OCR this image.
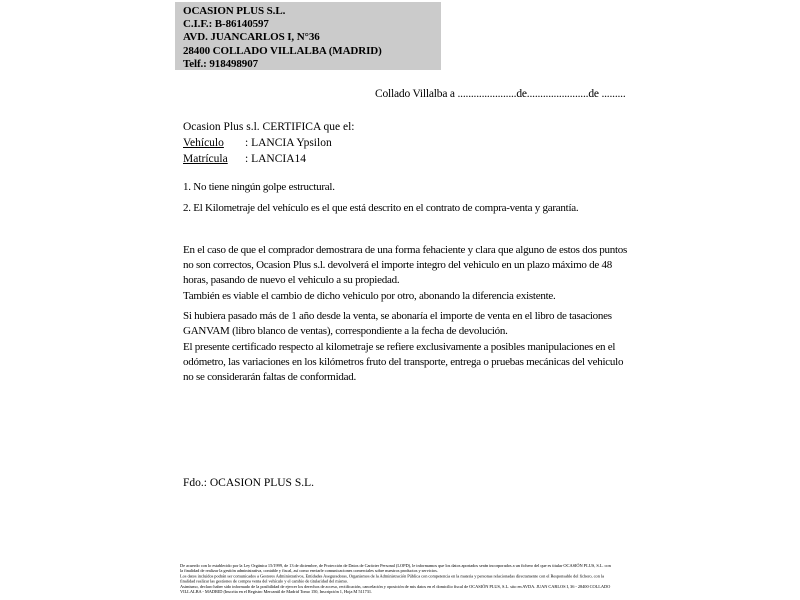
OCASION PLUS S.L.
C.I.F.: B-86140597
AVD. JUANCARLOS I, N°36
28400 COLLADO VILLALBA (MADRID)
Telf.: 918498907
Collado Villalba a ......................de.......................de .........
Ocasion Plus s.l. CERTIFICA que el:
Vehículo : LANCIA Ypsilon
Matrícula : LANCIA14
1. No tiene ningún golpe estructural.
2. El Kilometraje del vehículo es el que está descrito en el contrato de compra-venta y garantía.
En el caso de que el comprador demostrara de una forma fehaciente y clara que alguno de estos dos puntos no son correctos, Ocasion Plus s.l. devolverá el importe integro del vehiculo en un plazo máximo de 48 horas, pasando de nuevo el vehiculo a su propiedad.
También es viable el cambio de dicho vehiculo por otro, abonando la diferencia existente.
Si hubiera pasado más de 1 año desde la venta, se abonaría el importe de venta en el libro de tasaciones GANVAM (libro blanco de ventas), correspondiente a la fecha de devolución.
El presente certificado respecto al kilometraje se refiere exclusivamente a posibles manipulaciones en el odómetro, las variaciones en los kilómetros fruto del transporte, entrega o pruebas mecánicas del vehiculo no se considerarán faltas de conformidad.
Fdo.: OCASION PLUS S.L.

De acuerdo con lo establecido por la Ley Orgánica 15/1999, de 13 de diciembre, de Protección de Datos de Carácter Personal (LOPD), le informamos que los datos aportados serán incorporados a un fichero del que es titular OCASIÓN PLUS, S.L. con la finalidad de realizar la gestión administrativa, contable y fiscal, así como enviarle comunicaciones comerciales sobre nuestros productos y servicios.

Los datos incluidos podrán ser comunicados a Gestores Administrativos, Entidades Aseguradoras, Organismos de la Administración Pública con competencia en la materia y personas relacionadas directamente con el Responsable del fichero, con la finalidad realizar las gestiones de compra venta del vehículo y el cambio de titularidad del mismo.

Asimismo, declaro haber sido informado de la posibilidad de ejercer los derechos de acceso, rectificación, cancelación y oposición de mis datos en el domicilio fiscal de OCASIÓN PLUS, S.L. sito en AVDA. JUAN CARLOS I, 36 - 28400 COLLADO VILLALBA - MADRID (Inscrita en el Registro Mercantil de Madrid Tomo 150, Inscripción 1, Hoja M 511731.
